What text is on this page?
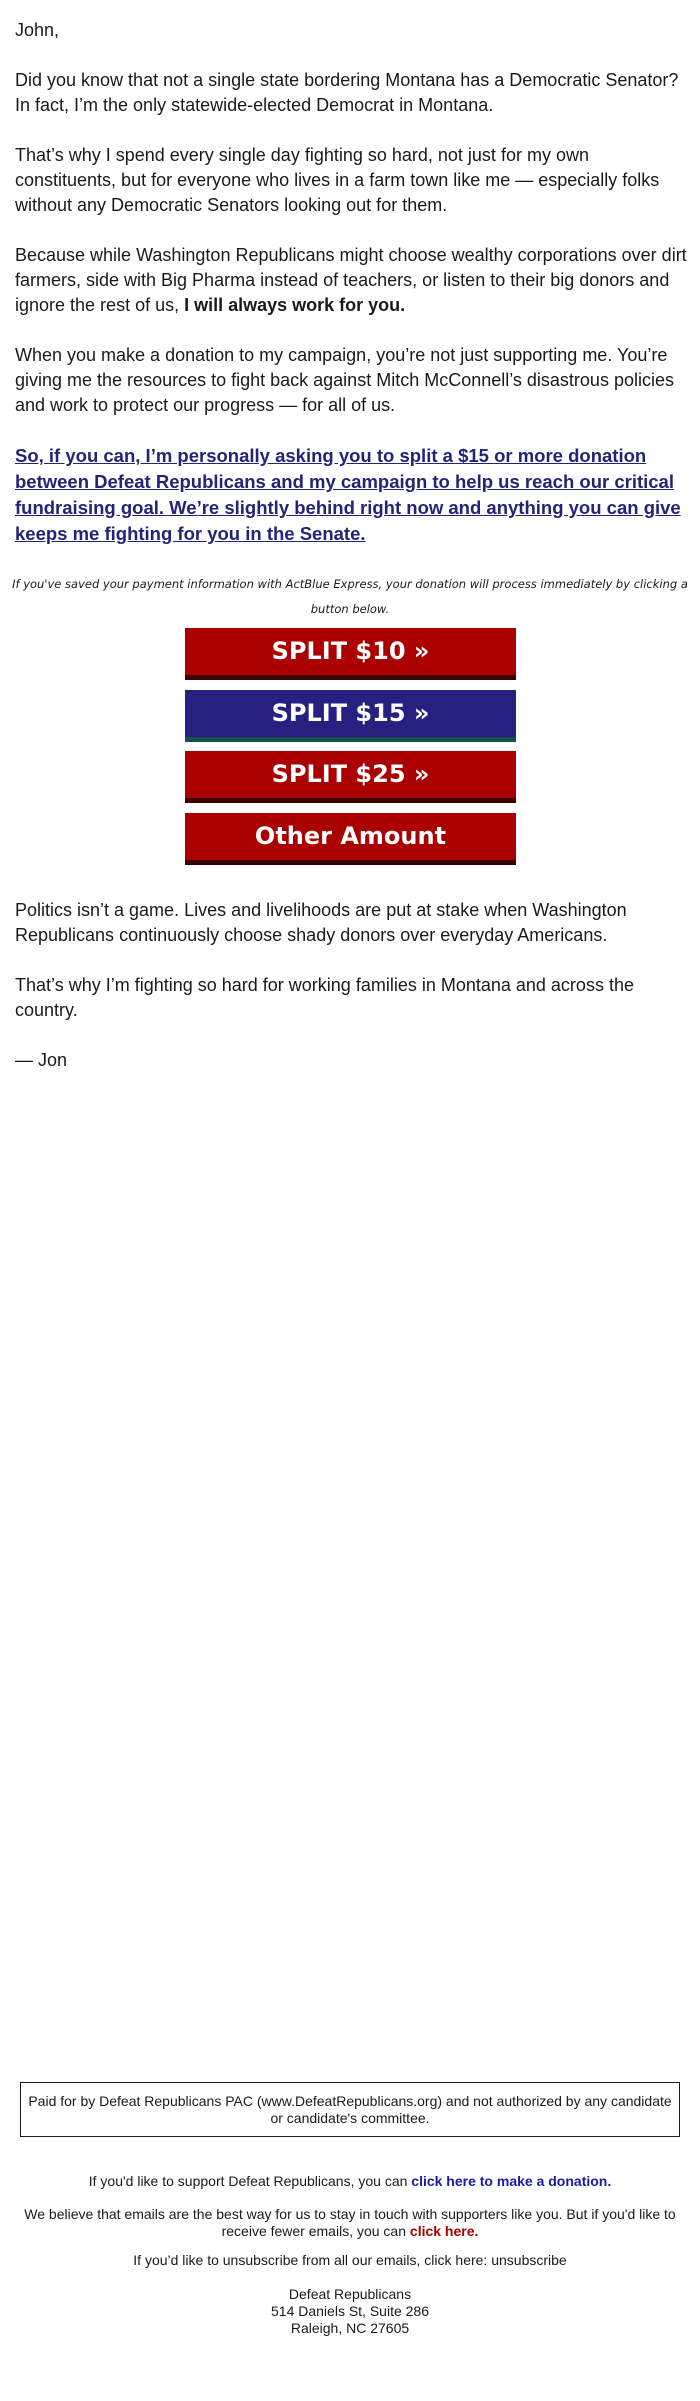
John,

Did you know that not a single state bordering Montana has a Democratic Senator? In fact, I’m the only statewide-elected Democrat in Montana.

That’s why I spend every single day fighting so hard, not just for my own constituents, but for everyone who lives in a farm town like me — especially folks without any Democratic Senators looking out for them.

Because while Washington Republicans might choose wealthy corporations over dirt farmers, side with Big Pharma instead of teachers, or listen to their big donors and ignore the rest of us, I will always work for you.

When you make a donation to my campaign, you’re not just supporting me. You’re giving me the resources to fight back against Mitch McConnell’s disastrous policies and work to protect our progress — for all of us.

So, if you can, I’m personally asking you to split a $15 or more donation between Defeat Republicans and my campaign to help us reach our critical fundraising goal. We’re slightly behind right now and anything you can give keeps me fighting for you in the Senate.

If you've saved your payment information with ActBlue Express, your donation will process immediately by clicking a button below.
SPLIT $10 »
SPLIT $15 »
SPLIT $25 »
Other Amount

Politics isn’t a game. Lives and livelihoods are put at stake when Washington Republicans continuously choose shady donors over everyday Americans.

That’s why I’m fighting so hard for working families in Montana and across the country.

— Jon

Paid for by Defeat Republicans PAC (www.DefeatRepublicans.org) and not authorized by any candidate or candidate's committee.
If you'd like to support Defeat Republicans, you can click here to make a donation.
We believe that emails are the best way for us to stay in touch with supporters like you. But if you'd like to receive fewer emails, you can click here.
If you’d like to unsubscribe from all our emails, click here: unsubscribe
Defeat Republicans
514 Daniels St, Suite 286
Raleigh, NC 27605
